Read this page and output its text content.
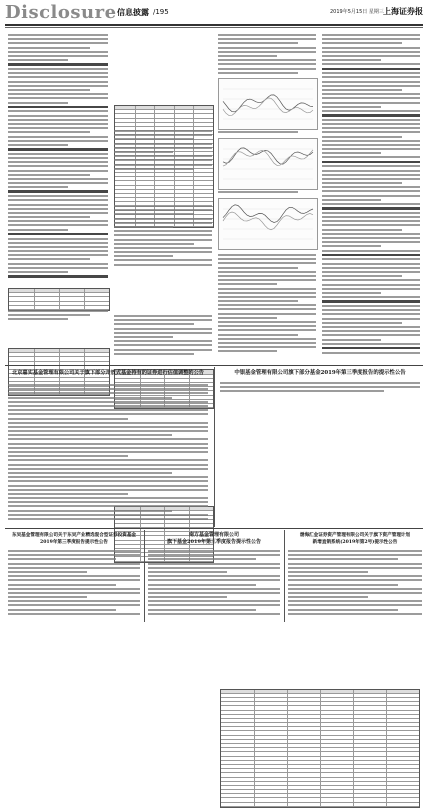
Disclosure 信息披露 /195	2019年5月15日 星期三 上海证券报
北京嘉实基金管理有限公司关于旗下部分开放式基金持有的证券进行估值调整的公告	中银基金管理有限公司旗下部分基金2019年第三季度报告的提示性公告
东吴基金管理有限公司关于东吴产业精选混合型证券投资基金
2019年第三季度报告提示性公告
南方基金管理有限公司
旗下基金2019年第三季度报告提示性公告
渤海汇金证券资产管理有限公司关于旗下资产管理计划
新增直销系统(2019年第2号)提示性公告
